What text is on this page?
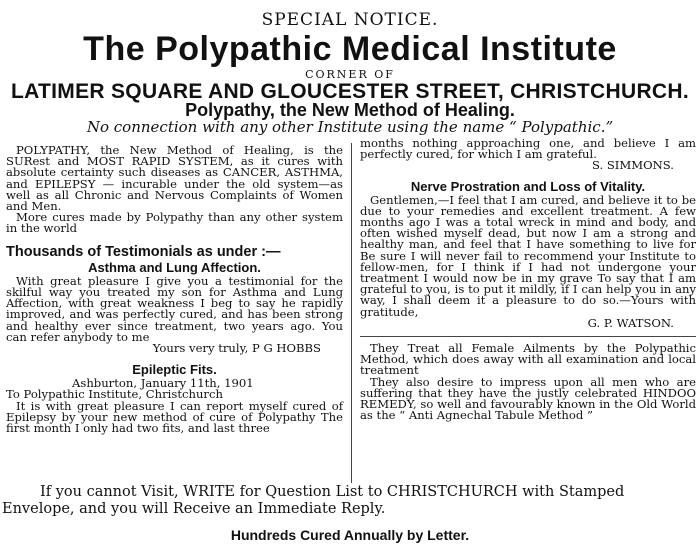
SPECIAL NOTICE.
The Polypathic Medical Institute
CORNER OF
LATIMER SQUARE AND GLOUCESTER STREET, CHRISTCHURCH.
Polypathy, the New Method of Healing.
No connection with any other Institute using the name “ Polypathic.”

POLYPATHY, the New Method of Healing, is the SURest and MOST RAPID SYSTEM, as it cures with absolute certainty such diseases as CANCER, ASTHMA, and EPILEPSY — incurable under the old system—as well as all Chronic and Nervous Complaints of Women and Men.

More cures made by Polypathy than any other system in the world

Thousands of Testimonials as under :—
Asthma and Lung Affection.

With great pleasure I give you a testimonial for the skilful way you treated my son for Asthma and Lung Affection, with great weakness I beg to say he rapidly improved, and was perfectly cured, and has been strong and healthy ever since treatment, two years ago. You can refer anybody to me

Yours very truly, P G HOBBS

Epileptic Fits.

Ashburton, January 11th, 1901

To Polypathic Institute, Christchurch

It is with great pleasure I can report myself cured of Epilepsy by your new method of cure of Polypathy The first month I only had two fits, and last three

months nothing approaching one, and believe I am perfectly cured, for which I am grateful.

S. SIMMONS.

Nerve Prostration and Loss of Vitality.

Gentlemen,—I feel that I am cured, and believe it to be due to your remedies and excellent treatment. A few months ago I was a total wreck in mind and body, and often wished myself dead, but now I am a strong and healthy man, and feel that I have something to live for Be sure I will never fail to recommend your Institute to fellow-men, for I think if I had not undergone your treatment I would now be in my grave To say that I am grateful to you, is to put it mildly, if I can help you in any way, I shall deem it a pleasure to do so.—Yours with gratitude,

G. P. WATSON.

They Treat all Female Ailments by the Polypathic Method, which does away with all examination and local treatment

They also desire to impress upon all men who are suffering that they have the justly celebrated HINDOO REMEDY, so well and favourably known in the Old World as the “ Anti Agnechal Tabule Method ”

If you cannot Visit, WRITE for Question List to CHRISTCHURCH with Stamped
Envelope, and you will Receive an Immediate Reply.
Hundreds Cured Annually by Letter.
